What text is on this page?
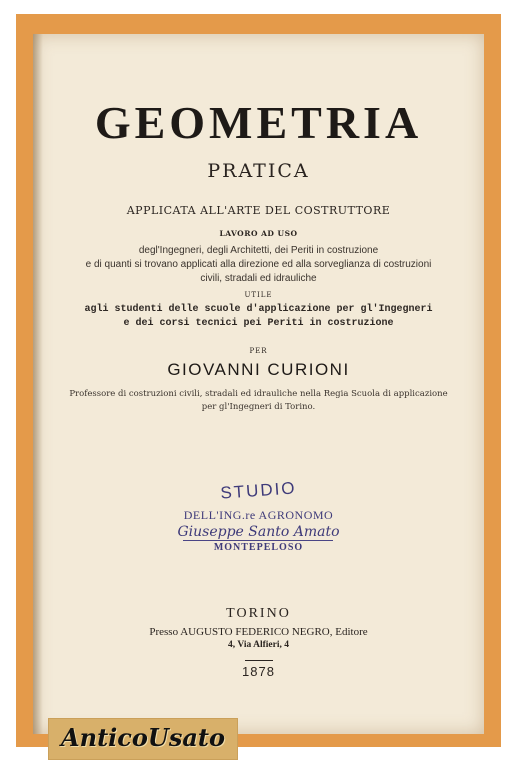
GEOMETRIA
PRATICA
APPLICATA ALL'ARTE DEL COSTRUTTORE
LAVORO AD USO
degl'Ingegneri, degli Architetti, dei Periti in costruzione
e di quanti si trovano applicati alla direzione ed alla sorveglianza di costruzioni
civili, stradali ed idrauliche
UTILE
agli studenti delle scuole d'applicazione per gl'Ingegneri
e dei corsi tecnici pei Periti in costruzione
PER
GIOVANNI CURIONI
Professore di costruzioni civili, stradali ed idrauliche nella Regia Scuola di applicazione
per gl'Ingegneri di Torino.
STUDIO
DELL'ING.re AGRONOMO
Giuseppe Santo Amato
MONTEPELOSO
TORINO
Presso AUGUSTO FEDERICO NEGRO, Editore
4, Via Alfieri, 4
1878
AnticoUsato
